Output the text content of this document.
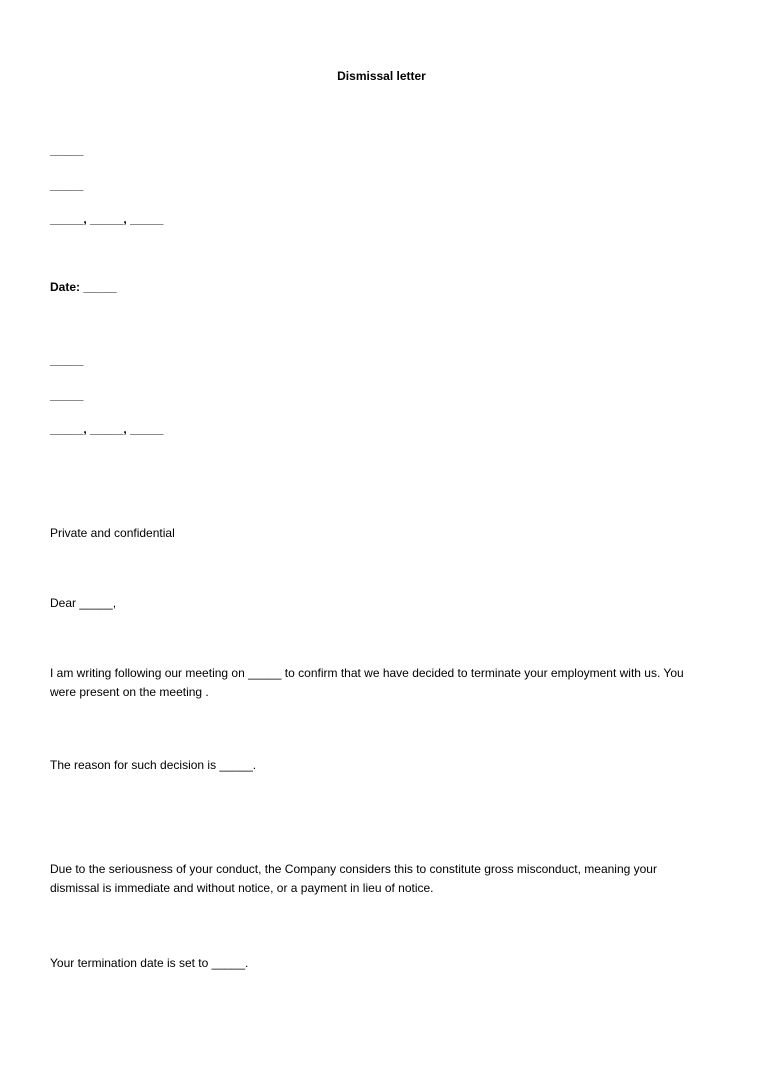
Dismissal letter
_____
_____
_____, _____, _____
Date: _____
_____
_____
_____, _____, _____
Private and confidential
Dear _____,
I am writing following our meeting on _____ to confirm that we have decided to terminate your employment with us. You were present on the meeting .
The reason for such decision is _____.
Due to the seriousness of your conduct, the Company considers this to constitute gross misconduct, meaning your dismissal is immediate and without notice, or a payment in lieu of notice.
Your termination date is set to _____.
